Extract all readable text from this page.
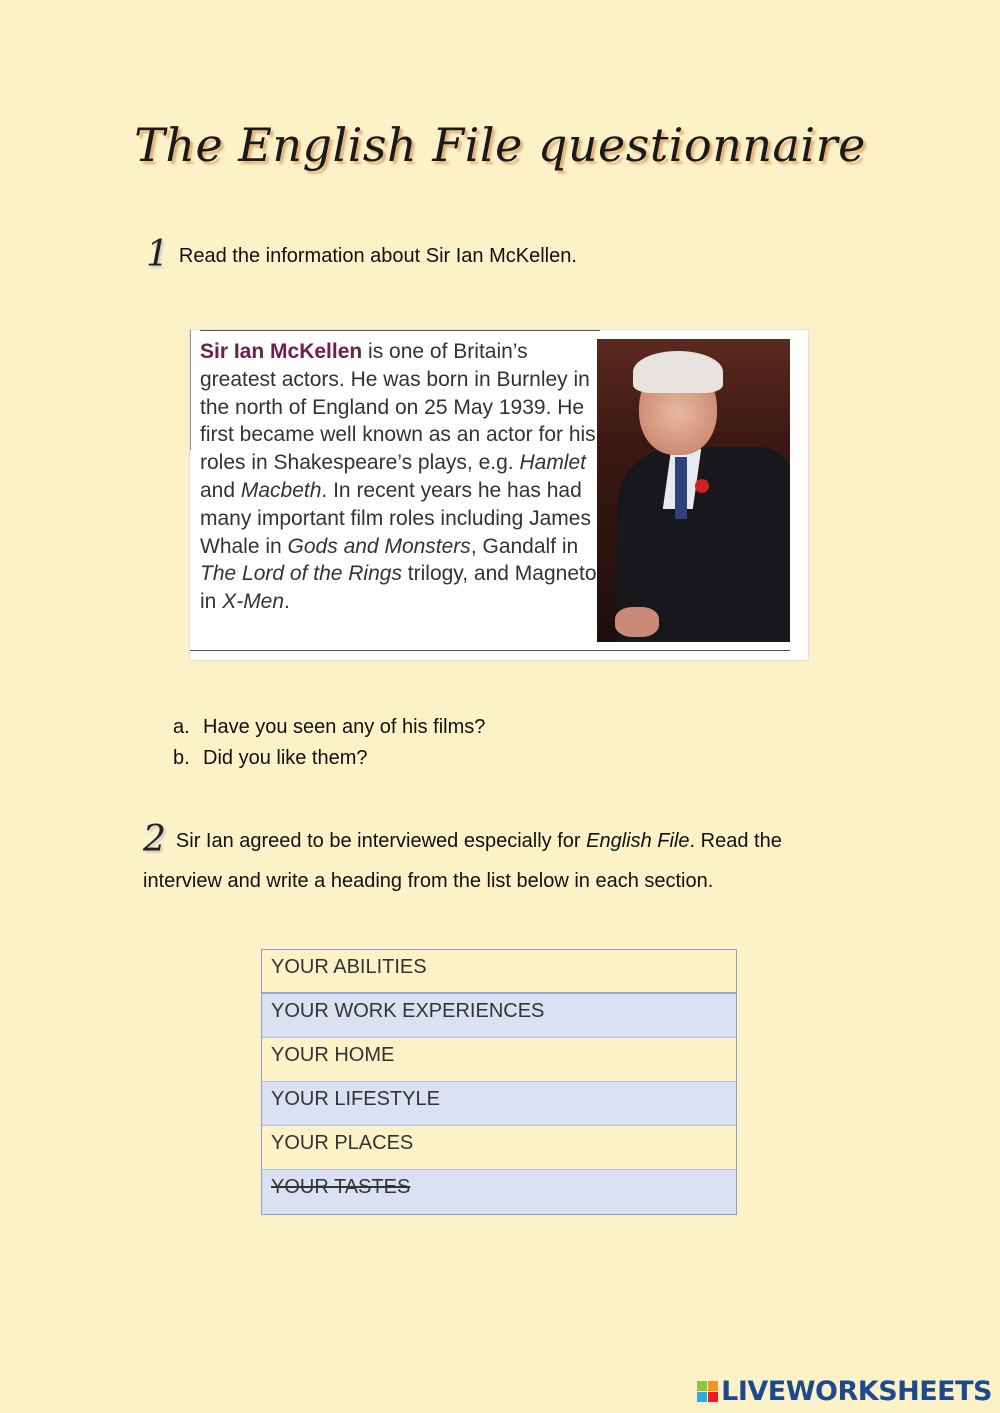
The English File questionnaire
1 Read the information about Sir Ian McKellen.
Sir Ian McKellen is one of Britain’s greatest actors. He was born in Burnley in the north of England on 25 May 1939. He first became well known as an actor for his roles in Shakespeare’s plays, e.g. Hamlet and Macbeth. In recent years he has had many important film roles including James Whale in Gods and Monsters, Gandalf in The Lord of the Rings trilogy, and Magneto in X-Men.
a. Have you seen any of his films?
b. Did you like them?
2 Sir Ian agreed to be interviewed especially for English File. Read the interview and write a heading from the list below in each section.
YOUR ABILITIES
YOUR WORK EXPERIENCES
YOUR HOME
YOUR LIFESTYLE
YOUR PLACES
YOUR TASTES
LIVEWORKSHEETS
